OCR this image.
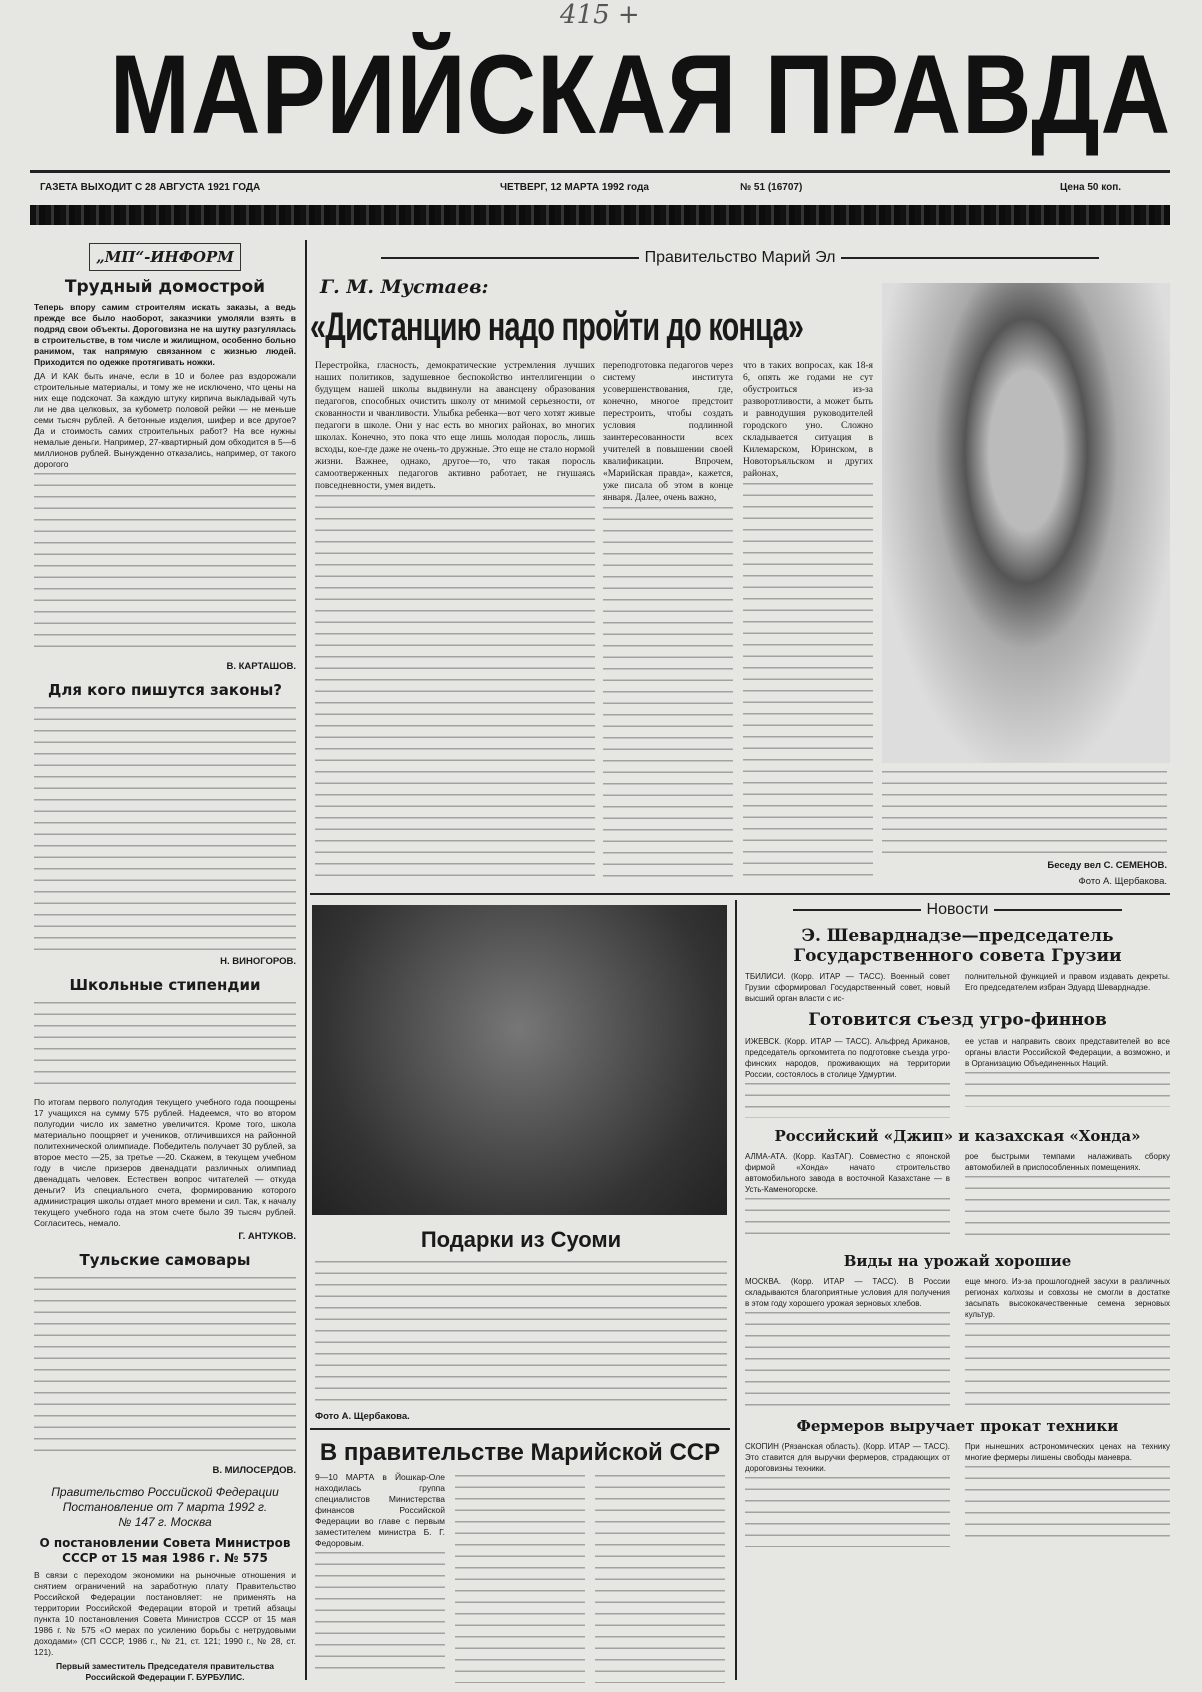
415 +
МАРИЙСКАЯ ПРАВДА
ГАЗЕТА ВЫХОДИТ С 28 АВГУСТА 1921 ГОДА	ЧЕТВЕРГ, 12 МАРТА 1992 года	№ 51 (16707)	Цена 50 коп.
„МП“-ИНФОРМ
Трудный домострой
Теперь впору самим строителям искать заказы, а ведь прежде все было наоборот, заказчики умоляли взять в подряд свои объекты. Дороговизна не на шутку разгулялась в строительстве, в том числе и жилищном, особенно больно ранимом, так напрямую связанном с жизнью людей. Приходится по одежке протягивать ножки.
ДА И КАК быть иначе, если в 10 и более раз вздорожали строительные материалы, и тому же не исключено, что цены на них еще подскочат. За каждую штуку кирпича выкладывай чуть ли не два целковых, за кубометр половой рейки — не меньше семи тысяч рублей. А бетонные изделия, шифер и все другое? Да и стоимость самих строительных работ? На все нужны немалые деньги. Например, 27-квартирный дом обходится в 5—6 миллионов рублей. Вынужденно отказались, например, от такого дорогого
В. КАРТАШОВ.
Для кого пишутся законы?
Н. ВИНОГОРОВ.
Школьные стипендии
По итогам первого полугодия текущего учебного года поощрены 17 учащихся на сумму 575 рублей. Надеемся, что во втором полугодии число их заметно увеличится. Кроме того, школа материально поощряет и учеников, отличившихся на районной политехнической олимпиаде. Победитель получает 30 рублей, за второе место —25, за третье —20. Скажем, в текущем учебном году в числе призеров двенадцати различных олимпиад двенадцать человек. Естествен вопрос читателей — откуда деньги? Из специального счета, формированию которого администрация школы отдает много времени и сил. Так, к началу текущего учебного года на этом счете было 39 тысяч рублей. Согласитесь, немало.
Г. АНТУКОВ.
Тульские самовары
В. МИЛОСЕРДОВ.
Правительство Российской Федерации Постановление от 7 марта 1992 г.
№ 147 г. Москва
О постановлении Совета Министров СССР от 15 мая 1986 г. № 575
В связи с переходом экономики на рыночные отношения и снятием ограничений на заработную плату Правительство Российской Федерации постановляет: не применять на территории Российской Федерации второй и третий абзацы пункта 10 постановления Совета Министров СССР от 15 мая 1986 г. № 575 «О мерах по усилению борьбы с нетрудовыми доходами» (СП СССР, 1986 г., № 21, ст. 121; 1990 г., № 28, ст. 121).
Первый заместитель Председателя правительства Российской Федерации Г. БУРБУЛИС.
Правительство Марий Эл
Г. М. Мустаев:
«Дистанцию надо пройти до конца»
Перестройка, гласность, демократические устремления лучших наших политиков, задушевное беспокойство интеллигенции о будущем нашей школы выдвинули на авансцену образования педагогов, способных очистить школу от мнимой серьезности, от скованности и чванливости. Улыбка ребенка—вот чего хотят живые педагоги в школе. Они у нас есть во многих районах, во многих школах. Конечно, это пока что еще лишь молодая поросль, лишь всходы, кое-где даже не очень-то дружные. Это еще не стало нормой жизни. Важнее, однако, другое—то, что такая поросль самоотверженных педагогов активно работает, не гнушаясь повседневности, умея видеть.
переподготовка педагогов через систему института усовершенствования, где, конечно, многое предстоит перестроить, чтобы создать условия подлинной заинтересованности всех учителей в повышении своей квалификации. Впрочем, «Марийская правда», кажется, уже писала об этом в конце января. Далее, очень важно,
что в таких вопросах, как 18-я 6, опять же годами не сут обустроиться из-за разворотливости, а может быть и равнодушия руководителей городского уно. Сложно складывается ситуация в Килемарском, Юринском, в Новоторъяльском и других районах,
Беседу вел С. СЕМЕНОВ.
Фото А. Щербакова.
Подарки из Суоми
Фото А. Щербакова.
В правительстве Марийской ССР
9—10 МАРТА в Йошкар-Оле находилась группа специалистов Министерства финансов Российской Федерации во главе с первым заместителем министра Б. Г. Федоровым.
Новости
Э. Шеварднадзе—председатель Государственного совета Грузии
ТБИЛИСИ. (Корр. ИТАР — ТАСС). Военный совет Грузии сформировал Государственный совет, новый высший орган власти с ис-
полнительной функцией и правом издавать декреты. Его председателем избран Эдуард Шеварднадзе.
Готовится съезд угро-финнов
ИЖЕВСК. (Корр. ИТАР — ТАСС). Альфред Ариканов, председатель оргкомитета по подготовке съезда угро-финских народов, проживающих на территории России, состоялось в столице Удмуртии.
ее устав и направить своих представителей во все органы власти Российской Федерации, а возможно, и в Организацию Объединенных Наций.
Российский «Джип» и казахская «Хонда»
АЛМА-АТА. (Корр. КазТАГ). Совместно с японской фирмой «Хонда» начато строительство автомобильного завода в восточной Казахстане — в Усть-Каменогорске.
рое быстрыми темпами налаживать сборку автомобилей в приспособленных помещениях.
Виды на урожай хорошие
МОСКВА. (Корр. ИТАР — ТАСС). В России складываются благоприятные условия для получения в этом году хорошего урожая зерновых хлебов.
еще много. Из-за прошлогодней засухи в различных регионах колхозы и совхозы не смогли в достатке засыпать высококачественные семена зерновых культур.
Фермеров выручает прокат техники
СКОПИН (Рязанская область). (Корр. ИТАР — ТАСС). Это ставится для выручки фермеров, страдающих от дороговизны техники.
При нынешних астрономических ценах на технику многие фермеры лишены свободы маневра.
